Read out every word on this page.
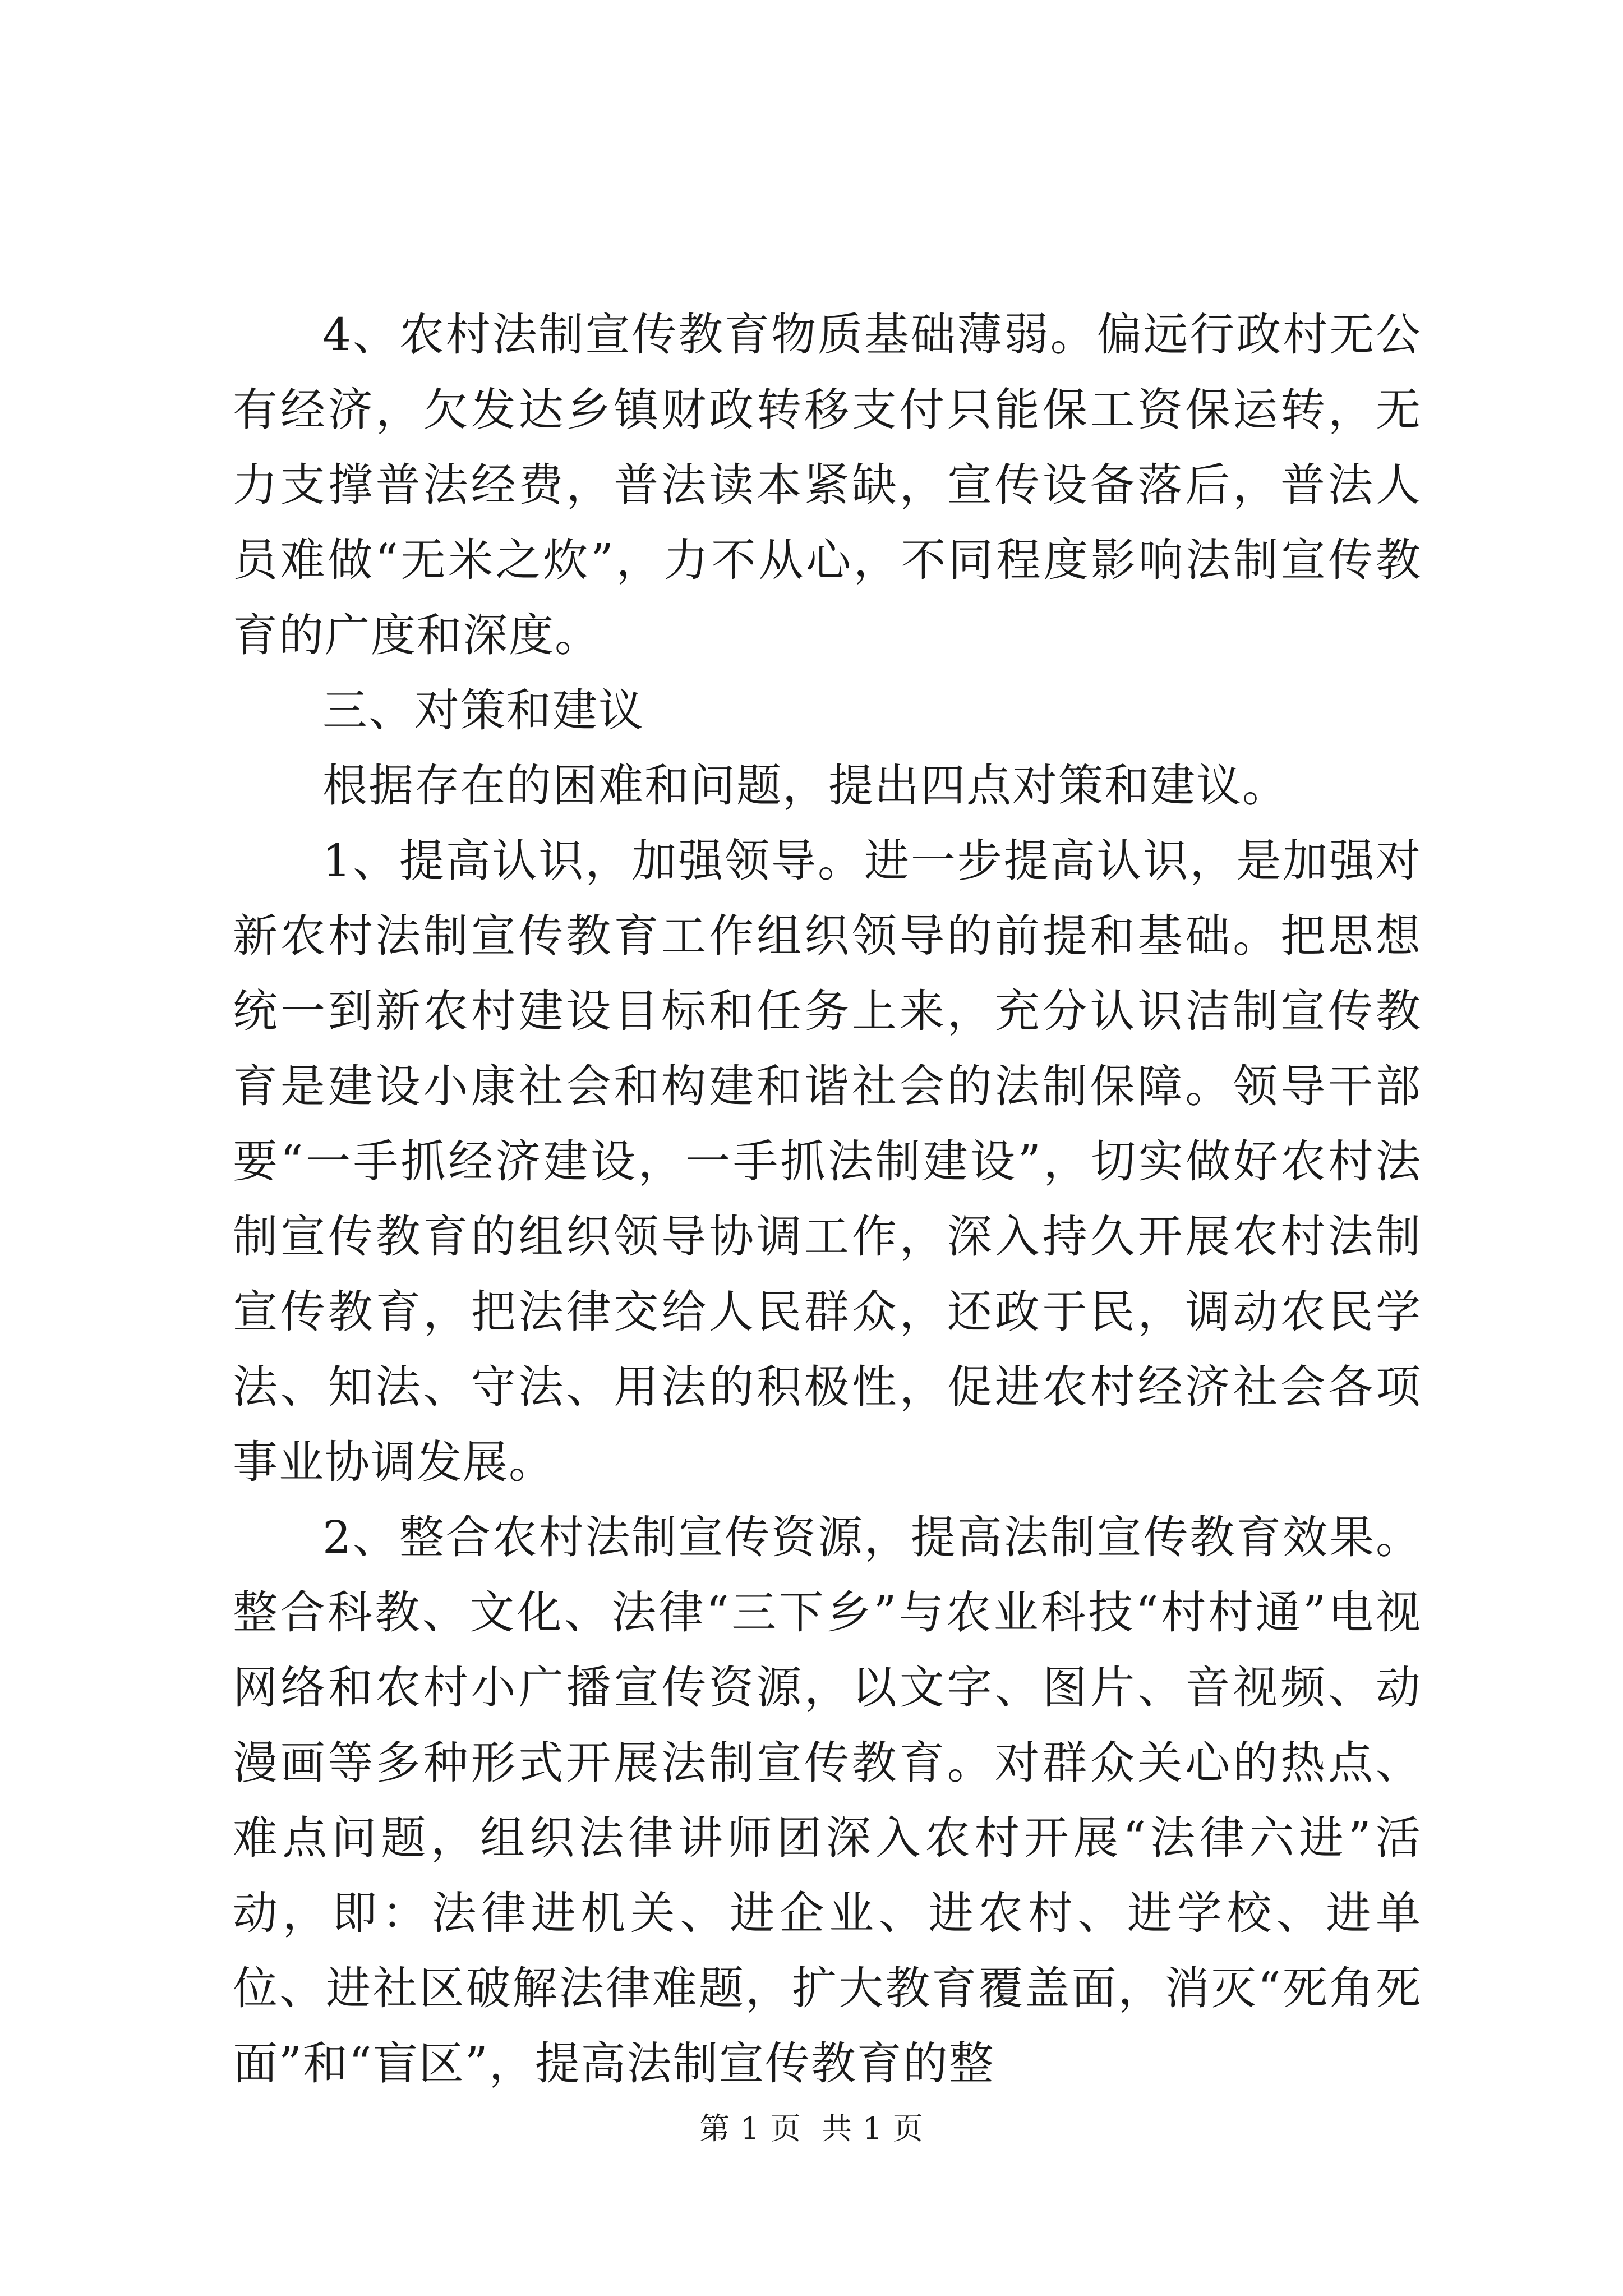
4、农村法制宣传教育物质基础薄弱。偏远行政村无公有经济，欠发达乡镇财政转移支付只能保工资保运转，无力支撑普法经费，普法读本紧缺，宣传设备落后，普法人员难做“无米之炊”，力不从心，不同程度影响法制宣传教育的广度和深度。

三、对策和建议

根据存在的困难和问题，提出四点对策和建议。

1、提高认识，加强领导。进一步提高认识，是加强对新农村法制宣传教育工作组织领导的前提和基础。把思想统一到新农村建设目标和任务上来，充分认识洁制宣传教育是建设小康社会和构建和谐社会的法制保障。领导干部要“一手抓经济建设，一手抓法制建设”，切实做好农村法制宣传教育的组织领导协调工作，深入持久开展农村法制宣传教育，把法律交给人民群众，还政于民，调动农民学法、知法、守法、用法的积极性，促进农村经济社会各项事业协调发展。

2、整合农村法制宣传资源，提高法制宣传教育效果。整合科教、文化、法律“三下乡”与农业科技“村村通”电视网络和农村小广播宣传资源，以文字、图片、音视频、动漫画等多种形式开展法制宣传教育。对群众关心的热点、难点问题，组织法律讲师团深入农村开展“法律六进”活动，即：法律进机关、进企业、进农村、进学校、进单位、进社区破解法律难题，扩大教育覆盖面，消灭“死角死面”和“盲区”，提高法制宣传教育的整

第 1 页  共 1 页
